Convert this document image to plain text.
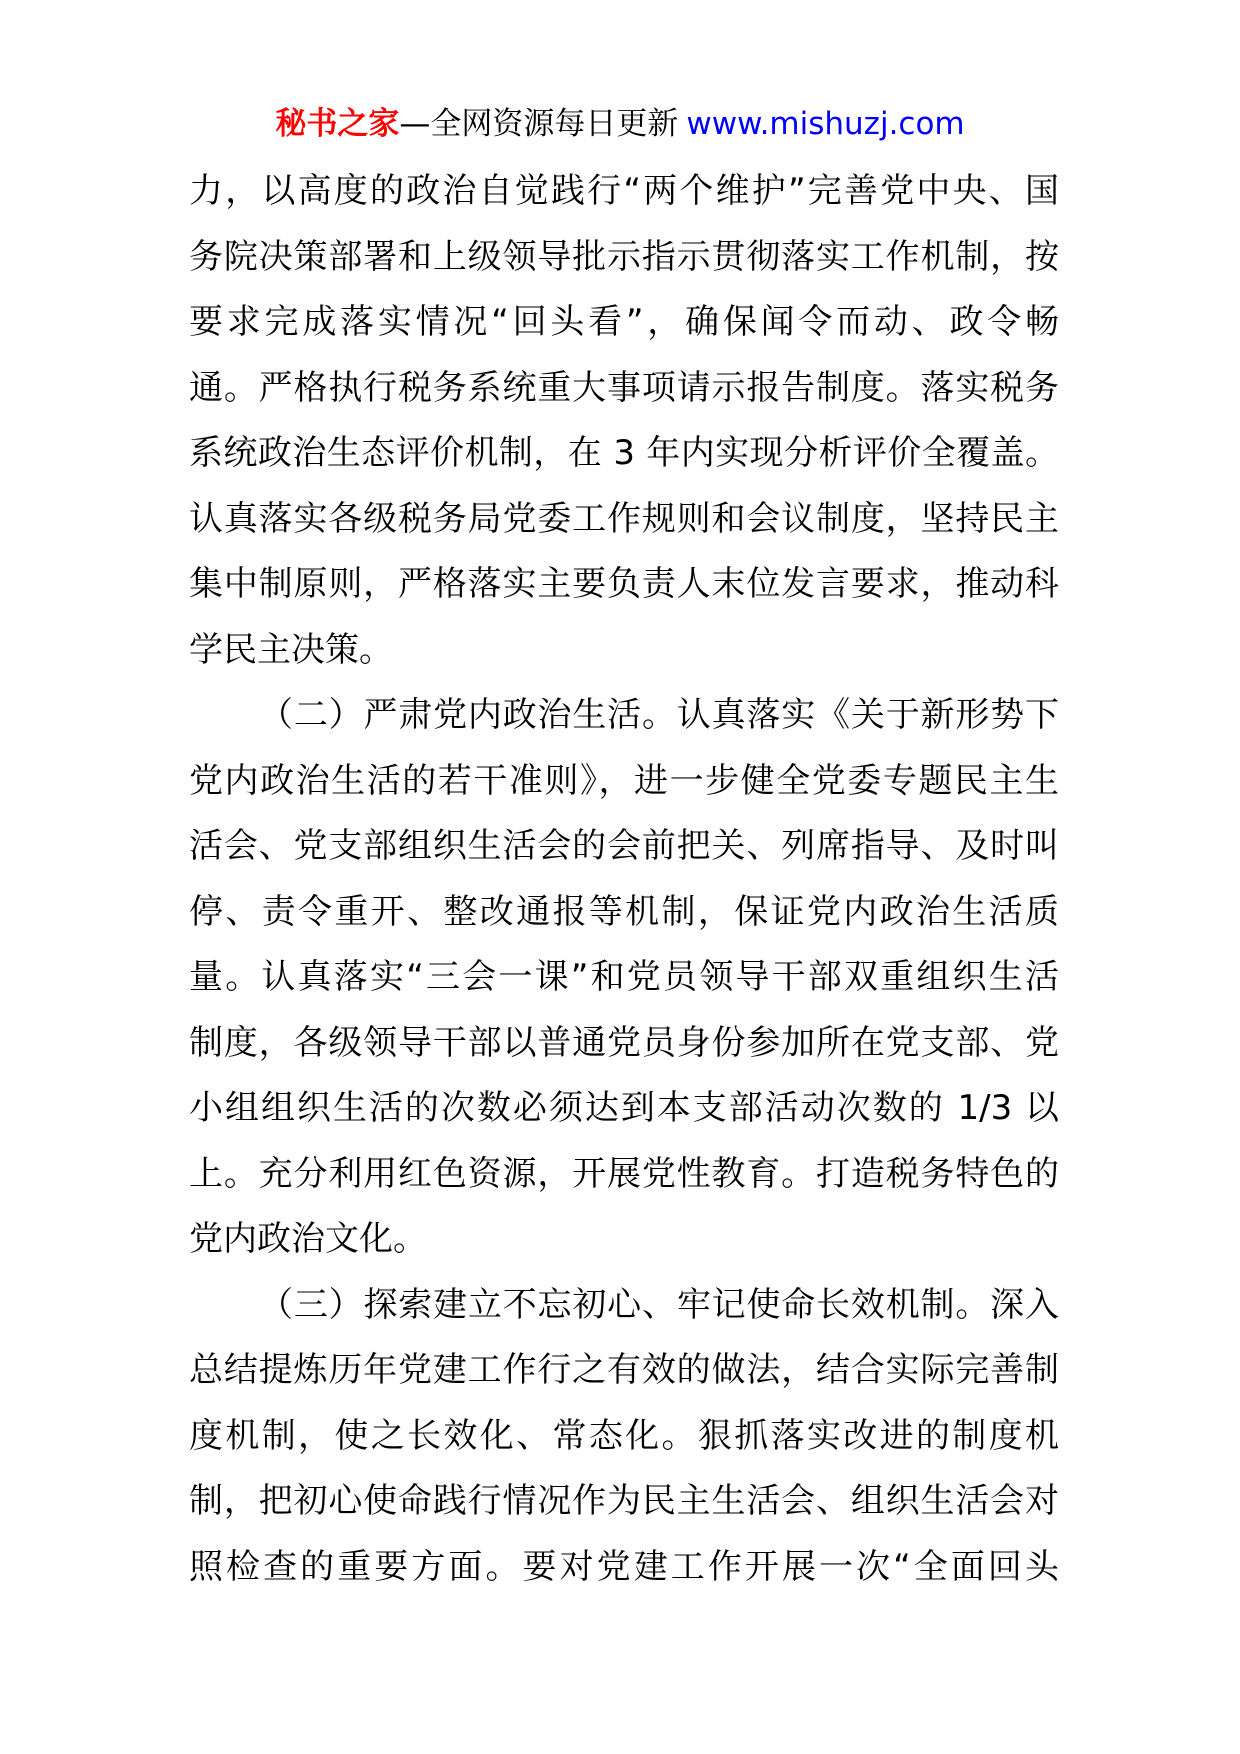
秘书之家—全网资源每日更新 www.mishuzj.com
力，以高度的政治自觉践行“两个维护”完善党中央、国
务院决策部署和上级领导批示指示贯彻落实工作机制，按
要求完成落实情况“回头看”，确保闻令而动、政令畅
通。严格执行税务系统重大事项请示报告制度。落实税务
系统政治生态评价机制，在 3 年内实现分析评价全覆盖。
认真落实各级税务局党委工作规则和会议制度，坚持民主
集中制原则，严格落实主要负责人末位发言要求，推动科
学民主决策。
（二）严肃党内政治生活。认真落实《关于新形势下
党内政治生活的若干准则》，进一步健全党委专题民主生
活会、党支部组织生活会的会前把关、列席指导、及时叫
停、责令重开、整改通报等机制，保证党内政治生活质
量。认真落实“三会一课”和党员领导干部双重组织生活
制度，各级领导干部以普通党员身份参加所在党支部、党
小组组织生活的次数必须达到本支部活动次数的 1/3 以
上。充分利用红色资源，开展党性教育。打造税务特色的
党内政治文化。
（三）探索建立不忘初心、牢记使命长效机制。深入
总结提炼历年党建工作行之有效的做法，结合实际完善制
度机制，使之长效化、常态化。狠抓落实改进的制度机
制，把初心使命践行情况作为民主生活会、组织生活会对
照检查的重要方面。要对党建工作开展一次“全面回头
